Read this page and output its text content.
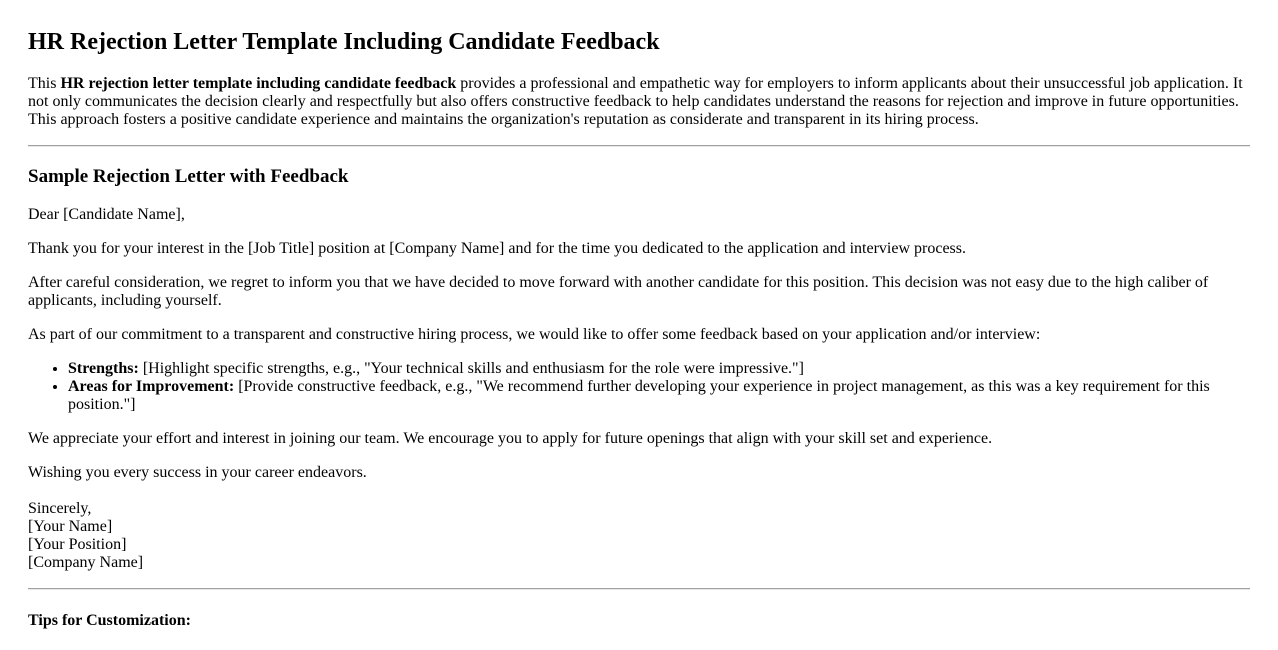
HR Rejection Letter Template Including Candidate Feedback

This HR rejection letter template including candidate feedback provides a professional and empathetic way for employers to inform applicants about their unsuccessful job application. It not only communicates the decision clearly and respectfully but also offers constructive feedback to help candidates understand the reasons for rejection and improve in future opportunities. This approach fosters a positive candidate experience and maintains the organization's reputation as considerate and transparent in its hiring process.

Sample Rejection Letter with Feedback

Dear [Candidate Name],

Thank you for your interest in the [Job Title] position at [Company Name] and for the time you dedicated to the application and interview process.

After careful consideration, we regret to inform you that we have decided to move forward with another candidate for this position. This decision was not easy due to the high caliber of applicants, including yourself.

As part of our commitment to a transparent and constructive hiring process, we would like to offer some feedback based on your application and/or interview:

• Strengths: [Highlight specific strengths, e.g., "Your technical skills and enthusiasm for the role were impressive."]
• Areas for Improvement: [Provide constructive feedback, e.g., "We recommend further developing your experience in project management, as this was a key requirement for this position."]

We appreciate your effort and interest in joining our team. We encourage you to apply for future openings that align with your skill set and experience.

Wishing you every success in your career endeavors.

Sincerely,
[Your Name]
[Your Position]
[Company Name]

Tips for Customization:
